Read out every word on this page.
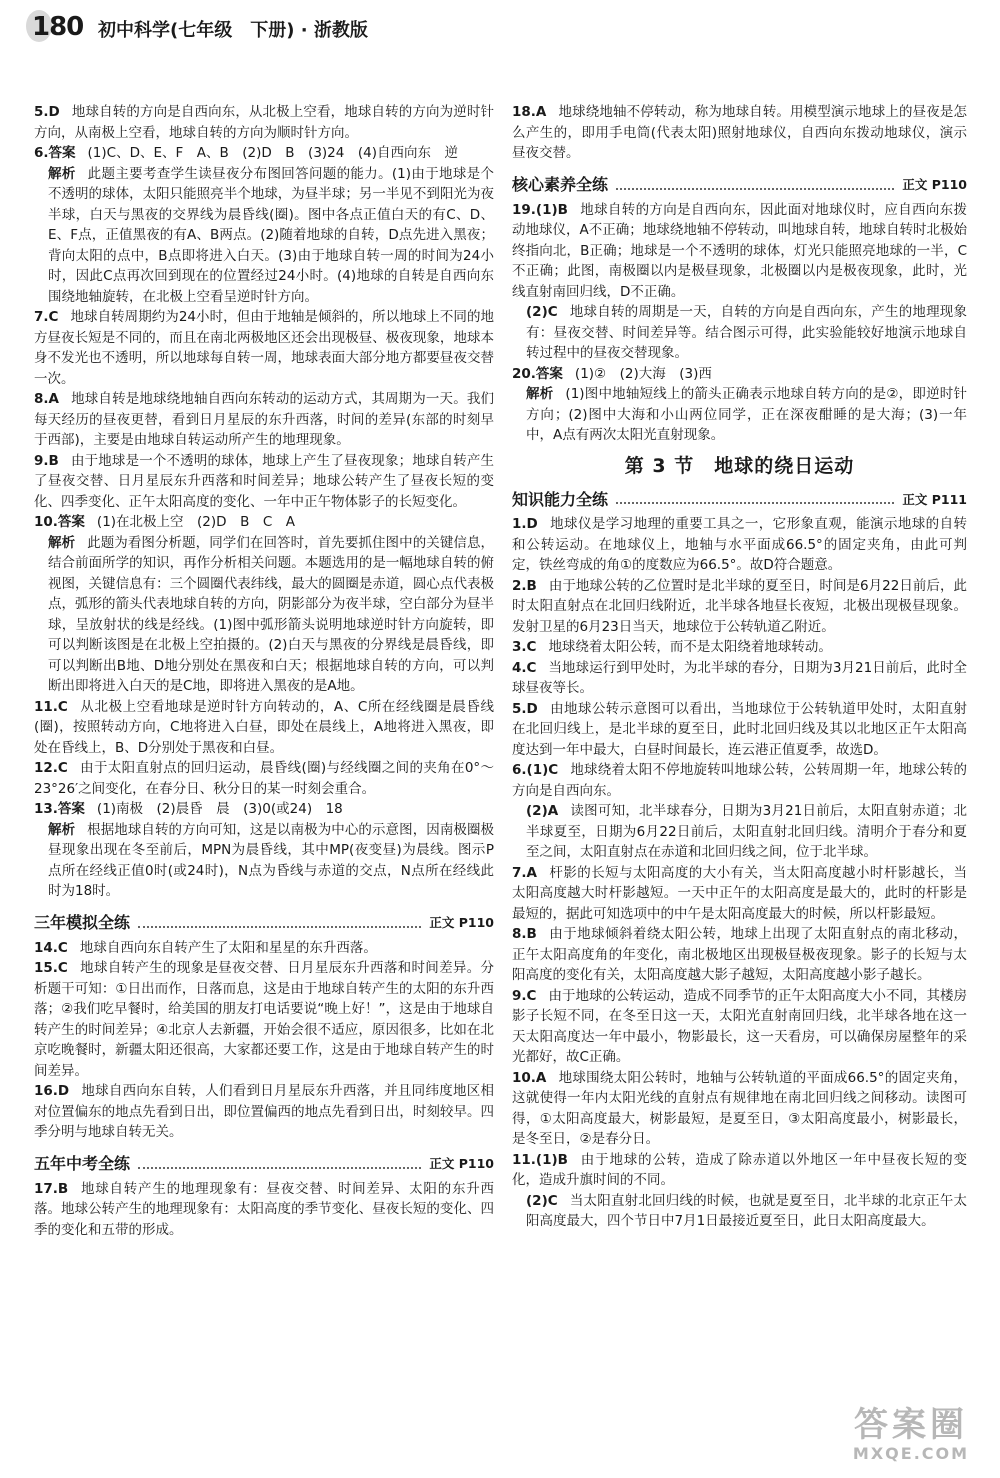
180 初中科学(七年级　下册) · 浙教版
5.D 地球自转的方向是自西向东，从北极上空看，地球自转的方向为逆时针方向，从南极上空看，地球自转的方向为顺时针方向。
6.答案 (1)C、D、E、F　A、B　(2)D　B　(3)24　(4)自西向东　逆
解析 此题主要考查学生读昼夜分布图回答问题的能力。(1)由于地球是个不透明的球体，太阳只能照亮半个地球，为昼半球；另一半见不到阳光为夜半球，白天与黑夜的交界线为晨昏线(圈)。图中各点正值白天的有C、D、E、F点，正值黑夜的有A、B两点。(2)随着地球的自转，D点先进入黑夜；背向太阳的点中，B点即将进入白天。(3)由于地球自转一周的时间为24小时，因此C点再次回到现在的位置经过24小时。(4)地球的自转是自西向东围绕地轴旋转，在北极上空看呈逆时针方向。
7.C 地球自转周期约为24小时，但由于地轴是倾斜的，所以地球上不同的地方昼夜长短是不同的，而且在南北两极地区还会出现极昼、极夜现象，地球本身不发光也不透明，所以地球每自转一周，地球表面大部分地方都要昼夜交替一次。
8.A 地球自转是地球绕地轴自西向东转动的运动方式，其周期为一天。我们每天经历的昼夜更替，看到日月星辰的东升西落，时间的差异(东部的时刻早于西部)，主要是由地球自转运动所产生的地理现象。
9.B 由于地球是一个不透明的球体，地球上产生了昼夜现象；地球自转产生了昼夜交替、日月星辰东升西落和时间差异；地球公转产生了昼夜长短的变化、四季变化、正午太阳高度的变化、一年中正午物体影子的长短变化。
10.答案 (1)在北极上空　(2)D　B　C　A
解析 此题为看图分析题，同学们在回答时，首先要抓住图中的关键信息，结合前面所学的知识，再作分析相关问题。本题选用的是一幅地球自转的俯视图，关键信息有：三个圆圈代表纬线，最大的圆圈是赤道，圆心点代表极点，弧形的箭头代表地球自转的方向，阴影部分为夜半球，空白部分为昼半球，呈放射状的线是经线。(1)图中弧形箭头说明地球逆时针方向旋转，即可以判断该图是在北极上空拍摄的。(2)白天与黑夜的分界线是晨昏线，即可以判断出B地、D地分别处在黑夜和白天；根据地球自转的方向，可以判断出即将进入白天的是C地，即将进入黑夜的是A地。
11.C 从北极上空看地球是逆时针方向转动的，A、C所在经线圈是晨昏线(圈)，按照转动方向，C地将进入白昼，即处在晨线上，A地将进入黑夜，即处在昏线上，B、D分别处于黑夜和白昼。
12.C 由于太阳直射点的回归运动，晨昏线(圈)与经线圈之间的夹角在0°～23°26′之间变化，在春分日、秋分日的某一时刻会重合。
13.答案 (1)南极　(2)晨昏　晨　(3)0(或24)　18
解析 根据地球自转的方向可知，这是以南极为中心的示意图，因南极圈极昼现象出现在冬至前后，MPN为晨昏线，其中MP(夜变昼)为晨线。图示P点所在经线正值0时(或24时)，N点为昏线与赤道的交点，N点所在经线此时为18时。
三年模拟全练	正文 P110
14.C 地球自西向东自转产生了太阳和星星的东升西落。
15.C 地球自转产生的现象是昼夜交替、日月星辰东升西落和时间差异。分析题干可知：①日出而作，日落而息，这是由于地球自转产生的太阳的东升西落；②我们吃早餐时，给美国的朋友打电话要说“晚上好！”，这是由于地球自转产生的时间差异；④北京人去新疆，开始会很不适应，原因很多，比如在北京吃晚餐时，新疆太阳还很高，大家都还要工作，这是由于地球自转产生的时间差异。
16.D 地球自西向东自转，人们看到日月星辰东升西落，并且同纬度地区相对位置偏东的地点先看到日出，即位置偏西的地点先看到日出，时刻较早。四季分明与地球自转无关。
五年中考全练	正文 P110
17.B 地球自转产生的地理现象有：昼夜交替、时间差异、太阳的东升西落。地球公转产生的地理现象有：太阳高度的季节变化、昼夜长短的变化、四季的变化和五带的形成。
18.A 地球绕地轴不停转动，称为地球自转。用模型演示地球上的昼夜是怎么产生的，即用手电筒(代表太阳)照射地球仪，自西向东拨动地球仪，演示昼夜交替。
核心素养全练	正文 P110
19.(1)B 地球自转的方向是自西向东，因此面对地球仪时，应自西向东拨动地球仪，A不正确；地球绕地轴不停转动，叫地球自转，地球自转时北极始终指向北，B正确；地球是一个不透明的球体，灯光只能照亮地球的一半，C不正确；此图，南极圈以内是极昼现象，北极圈以内是极夜现象，此时，光线直射南回归线，D不正确。
(2)C 地球自转的周期是一天，自转的方向是自西向东，产生的地理现象有：昼夜交替、时间差异等。结合图示可得，此实验能较好地演示地球自转过程中的昼夜交替现象。
20.答案 (1)②　(2)大海　(3)西
解析 (1)图中地轴短线上的箭头正确表示地球自转方向的是②，即逆时针方向；(2)图中大海和小山两位同学，正在深夜酣睡的是大海；(3)一年中，A点有两次太阳光直射现象。
第 3 节　地球的绕日运动
知识能力全练	正文 P111
1.D 地球仪是学习地理的重要工具之一，它形象直观，能演示地球的自转和公转运动。在地球仪上，地轴与水平面成66.5°的固定夹角，由此可判定，铁丝弯成的角①的度数应为66.5°。故D符合题意。
2.B 由于地球公转的乙位置时是北半球的夏至日，时间是6月22日前后，此时太阳直射点在北回归线附近，北半球各地昼长夜短，北极出现极昼现象。发射卫星的6月23日当天，地球位于公转轨道乙附近。
3.C 地球绕着太阳公转，而不是太阳绕着地球转动。
4.C 当地球运行到甲处时，为北半球的春分，日期为3月21日前后，此时全球昼夜等长。
5.D 由地球公转示意图可以看出，当地球位于公转轨道甲处时，太阳直射在北回归线上，是北半球的夏至日，此时北回归线及其以北地区正午太阳高度达到一年中最大，白昼时间最长，连云港正值夏季，故选D。
6.(1)C 地球绕着太阳不停地旋转叫地球公转，公转周期一年，地球公转的方向是自西向东。
(2)A 读图可知，北半球春分，日期为3月21日前后，太阳直射赤道；北半球夏至，日期为6月22日前后，太阳直射北回归线。清明介于春分和夏至之间，太阳直射点在赤道和北回归线之间，位于北半球。
7.A 杆影的长短与太阳高度的大小有关，当太阳高度越小时杆影越长，当太阳高度越大时杆影越短。一天中正午的太阳高度是最大的，此时的杆影是最短的，据此可知选项中的中午是太阳高度最大的时候，所以杆影最短。
8.B 由于地球倾斜着绕太阳公转，地球上出现了太阳直射点的南北移动，正午太阳高度角的年变化，南北极地区出现极昼极夜现象。影子的长短与太阳高度的变化有关，太阳高度越大影子越短，太阳高度越小影子越长。
9.C 由于地球的公转运动，造成不同季节的正午太阳高度大小不同，其楼房影子长短不同，在冬至日这一天，太阳光直射南回归线，北半球各地在这一天太阳高度达一年中最小，物影最长，这一天看房，可以确保房屋整年的采光都好，故C正确。
10.A 地球围绕太阳公转时，地轴与公转轨道的平面成66.5°的固定夹角，这就使得一年内太阳光线的直射点有规律地在南北回归线之间移动。读图可得，①太阳高度最大，树影最短，是夏至日，③太阳高度最小，树影最长，是冬至日，②是春分日。
11.(1)B 由于地球的公转，造成了除赤道以外地区一年中昼夜长短的变化，造成升旗时间的不同。
(2)C 当太阳直射北回归线的时候，也就是夏至日，北半球的北京正午太阳高度最大，四个节日中7月1日最接近夏至日，此日太阳高度最大。
答案圈
MXQE.COM
